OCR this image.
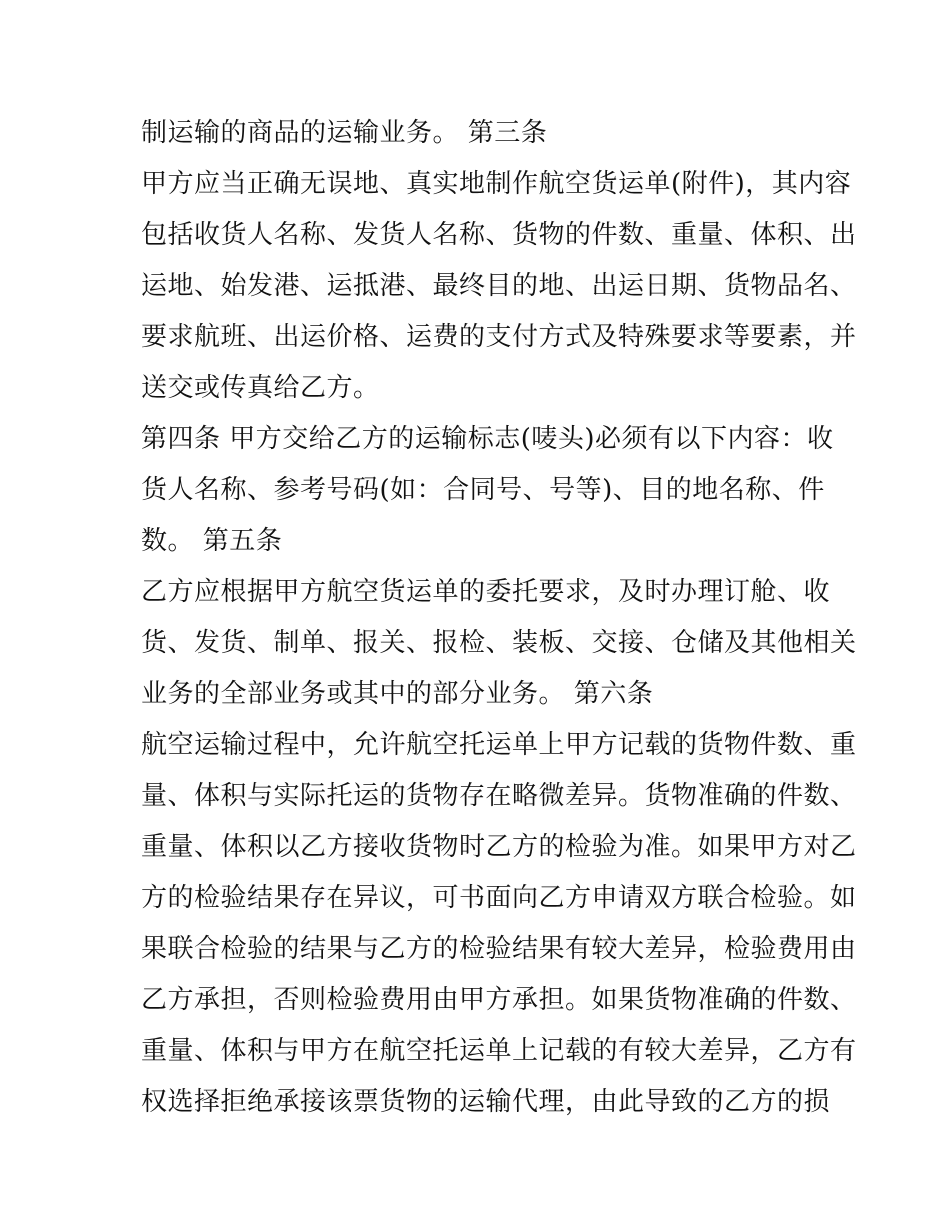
制运输的商品的运输业务。 第三条
甲方应当正确无误地、真实地制作航空货运单(附件)，其内容
包括收货人名称、发货人名称、货物的件数、重量、体积、出
运地、始发港、运抵港、最终目的地、出运日期、货物品名、
要求航班、出运价格、运费的支付方式及特殊要求等要素，并
送交或传真给乙方。
第四条 甲方交给乙方的运输标志(唛头)必须有以下内容：收
货人名称、参考号码(如：合同号、号等)、目的地名称、件
数。 第五条
乙方应根据甲方航空货运单的委托要求，及时办理订舱、收
货、发货、制单、报关、报检、装板、交接、仓储及其他相关
业务的全部业务或其中的部分业务。 第六条
航空运输过程中，允许航空托运单上甲方记载的货物件数、重
量、体积与实际托运的货物存在略微差异。货物准确的件数、
重量、体积以乙方接收货物时乙方的检验为准。如果甲方对乙
方的检验结果存在异议，可书面向乙方申请双方联合检验。如
果联合检验的结果与乙方的检验结果有较大差异，检验费用由
乙方承担，否则检验费用由甲方承担。如果货物准确的件数、
重量、体积与甲方在航空托运单上记载的有较大差异，乙方有
权选择拒绝承接该票货物的运输代理，由此导致的乙方的损
